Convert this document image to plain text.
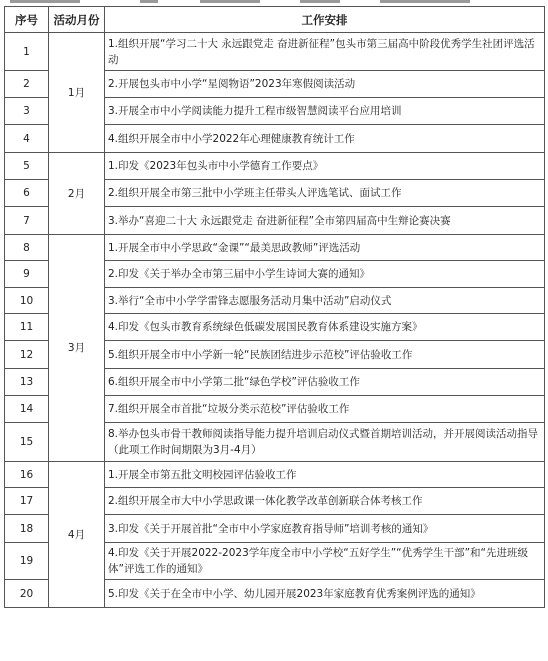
序号	活动月份	工作安排
1	1月	1.组织开展“学习二十大 永远跟党走 奋进新征程”包头市第三届高中阶段优秀学生社团评选活动
2		2.开展包头市中小学“星阅物语”2023年寒假阅读活动
3		3.开展全市中小学阅读能力提升工程市级智慧阅读平台应用培训
4		4.组织开展全市中小学2022年心理健康教育统计工作
5	2月	1.印发《2023年包头市中小学德育工作要点》
6		2.组织开展全市第三批中小学班主任带头人评选笔试、面试工作
7		3.举办“喜迎二十大 永远跟党走 奋进新征程”全市第四届高中生辩论赛决赛
8	3月	1.开展全市中小学思政“金课”“最美思政教师”评选活动
9		2.印发《关于举办全市第三届中小学生诗词大赛的通知》
10		3.举行“全市中小学学雷锋志愿服务活动月集中活动”启动仪式
11		4.印发《包头市教育系统绿色低碳发展国民教育体系建设实施方案》
12		5.组织开展全市中小学新一轮“民族团结进步示范校”评估验收工作
13		6.组织开展全市中小学第二批“绿色学校”评估验收工作
14		7.组织开展全市首批“垃圾分类示范校”评估验收工作
15		8.举办包头市骨干教师阅读指导能力提升培训启动仪式暨首期培训活动，并开展阅读活动指导（此项工作时间期限为3月-4月）
16	4月	1.开展全市第五批文明校园评估验收工作
17		2.组织开展全市大中小学思政课一体化教学改革创新联合体考核工作
18		3.印发《关于开展首批“全市中小学家庭教育指导师”培训考核的通知》
19		4.印发《关于开展2022-2023学年度全市中小学校“五好学生”“优秀学生干部”和“先进班级体”评选工作的通知》
20		5.印发《关于在全市中小学、幼儿园开展2023年家庭教育优秀案例评选的通知》
